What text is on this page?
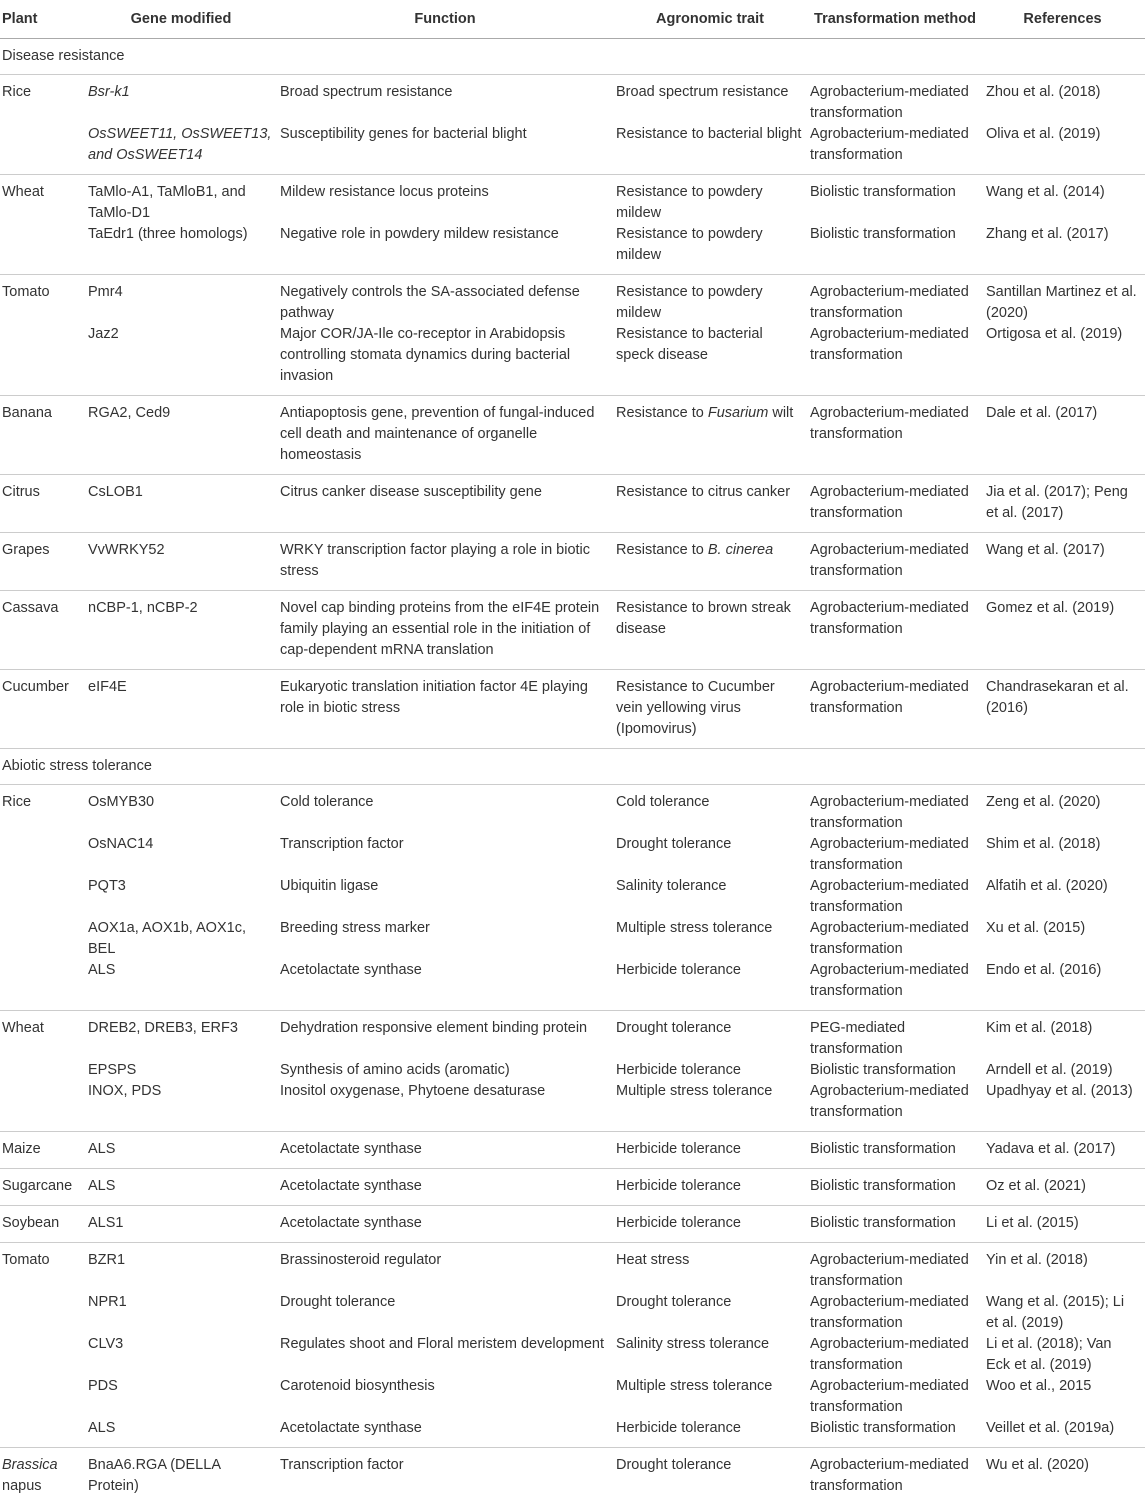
Plant	Gene modified	Function	Agronomic trait	Transformation method	References
Disease resistance					
Rice	Bsr-k1	Broad spectrum resistance	Broad spectrum resistance	Agrobacterium-mediated transformation	Zhou et al. (2018)
	OsSWEET11, OsSWEET13, and OsSWEET14	Susceptibility genes for bacterial blight	Resistance to bacterial blight	Agrobacterium-mediated transformation	Oliva et al. (2019)
Wheat	TaMlo-A1, TaMloB1, and TaMlo-D1	Mildew resistance locus proteins	Resistance to powdery mildew	Biolistic transformation	Wang et al. (2014)
	TaEdr1 (three homologs)	Negative role in powdery mildew resistance	Resistance to powdery mildew	Biolistic transformation	Zhang et al. (2017)
Tomato	Pmr4	Negatively controls the SA-associated defense pathway	Resistance to powdery mildew	Agrobacterium-mediated transformation	Santillan Martinez et al. (2020)
	Jaz2	Major COR/JA-Ile co-receptor in Arabidopsis controlling stomata dynamics during bacterial invasion	Resistance to bacterial speck disease	Agrobacterium-mediated transformation	Ortigosa et al. (2019)
Banana	RGA2, Ced9	Antiapoptosis gene, prevention of fungal-induced cell death and maintenance of organelle homeostasis	Resistance to Fusarium wilt	Agrobacterium-mediated transformation	Dale et al. (2017)
Citrus	CsLOB1	Citrus canker disease susceptibility gene	Resistance to citrus canker	Agrobacterium-mediated transformation	Jia et al. (2017); Peng et al. (2017)
Grapes	VvWRKY52	WRKY transcription factor playing a role in biotic stress	Resistance to B. cinerea	Agrobacterium-mediated transformation	Wang et al. (2017)
Cassava	nCBP-1, nCBP-2	Novel cap binding proteins from the eIF4E protein family playing an essential role in the initiation of cap-dependent mRNA translation	Resistance to brown streak disease	Agrobacterium-mediated transformation	Gomez et al. (2019)
Cucumber	eIF4E	Eukaryotic translation initiation factor 4E playing role in biotic stress	Resistance to Cucumber vein yellowing virus (Ipomovirus)	Agrobacterium-mediated transformation	Chandrasekaran et al. (2016)
Abiotic stress tolerance					
Rice	OsMYB30	Cold tolerance	Cold tolerance	Agrobacterium-mediated transformation	Zeng et al. (2020)
	OsNAC14	Transcription factor	Drought tolerance	Agrobacterium-mediated transformation	Shim et al. (2018)
	PQT3	Ubiquitin ligase	Salinity tolerance	Agrobacterium-mediated transformation	Alfatih et al. (2020)
	AOX1a, AOX1b, AOX1c, BEL	Breeding stress marker	Multiple stress tolerance	Agrobacterium-mediated transformation	Xu et al. (2015)
	ALS	Acetolactate synthase	Herbicide tolerance	Agrobacterium-mediated transformation	Endo et al. (2016)
Wheat	DREB2, DREB3, ERF3	Dehydration responsive element binding protein	Drought tolerance	PEG-mediated transformation	Kim et al. (2018)
	EPSPS	Synthesis of amino acids (aromatic)	Herbicide tolerance	Biolistic transformation	Arndell et al. (2019)
	INOX, PDS	Inositol oxygenase, Phytoene desaturase	Multiple stress tolerance	Agrobacterium-mediated transformation	Upadhyay et al. (2013)
Maize	ALS	Acetolactate synthase	Herbicide tolerance	Biolistic transformation	Yadava et al. (2017)
Sugarcane	ALS	Acetolactate synthase	Herbicide tolerance	Biolistic transformation	Oz et al. (2021)
Soybean	ALS1	Acetolactate synthase	Herbicide tolerance	Biolistic transformation	Li et al. (2015)
Tomato	BZR1	Brassinosteroid regulator	Heat stress	Agrobacterium-mediated transformation	Yin et al. (2018)
	NPR1	Drought tolerance	Drought tolerance	Agrobacterium-mediated transformation	Wang et al. (2015); Li et al. (2019)
	CLV3	Regulates shoot and Floral meristem development	Salinity stress tolerance	Agrobacterium-mediated transformation	Li et al. (2018); Van Eck et al. (2019)
	PDS	Carotenoid biosynthesis	Multiple stress tolerance	Agrobacterium-mediated transformation	Woo et al., 2015
	ALS	Acetolactate synthase	Herbicide tolerance	Biolistic transformation	Veillet et al. (2019a)
Brassica napus	BnaA6.RGA (DELLA Protein)	Transcription factor	Drought tolerance	Agrobacterium-mediated transformation	Wu et al. (2020)
